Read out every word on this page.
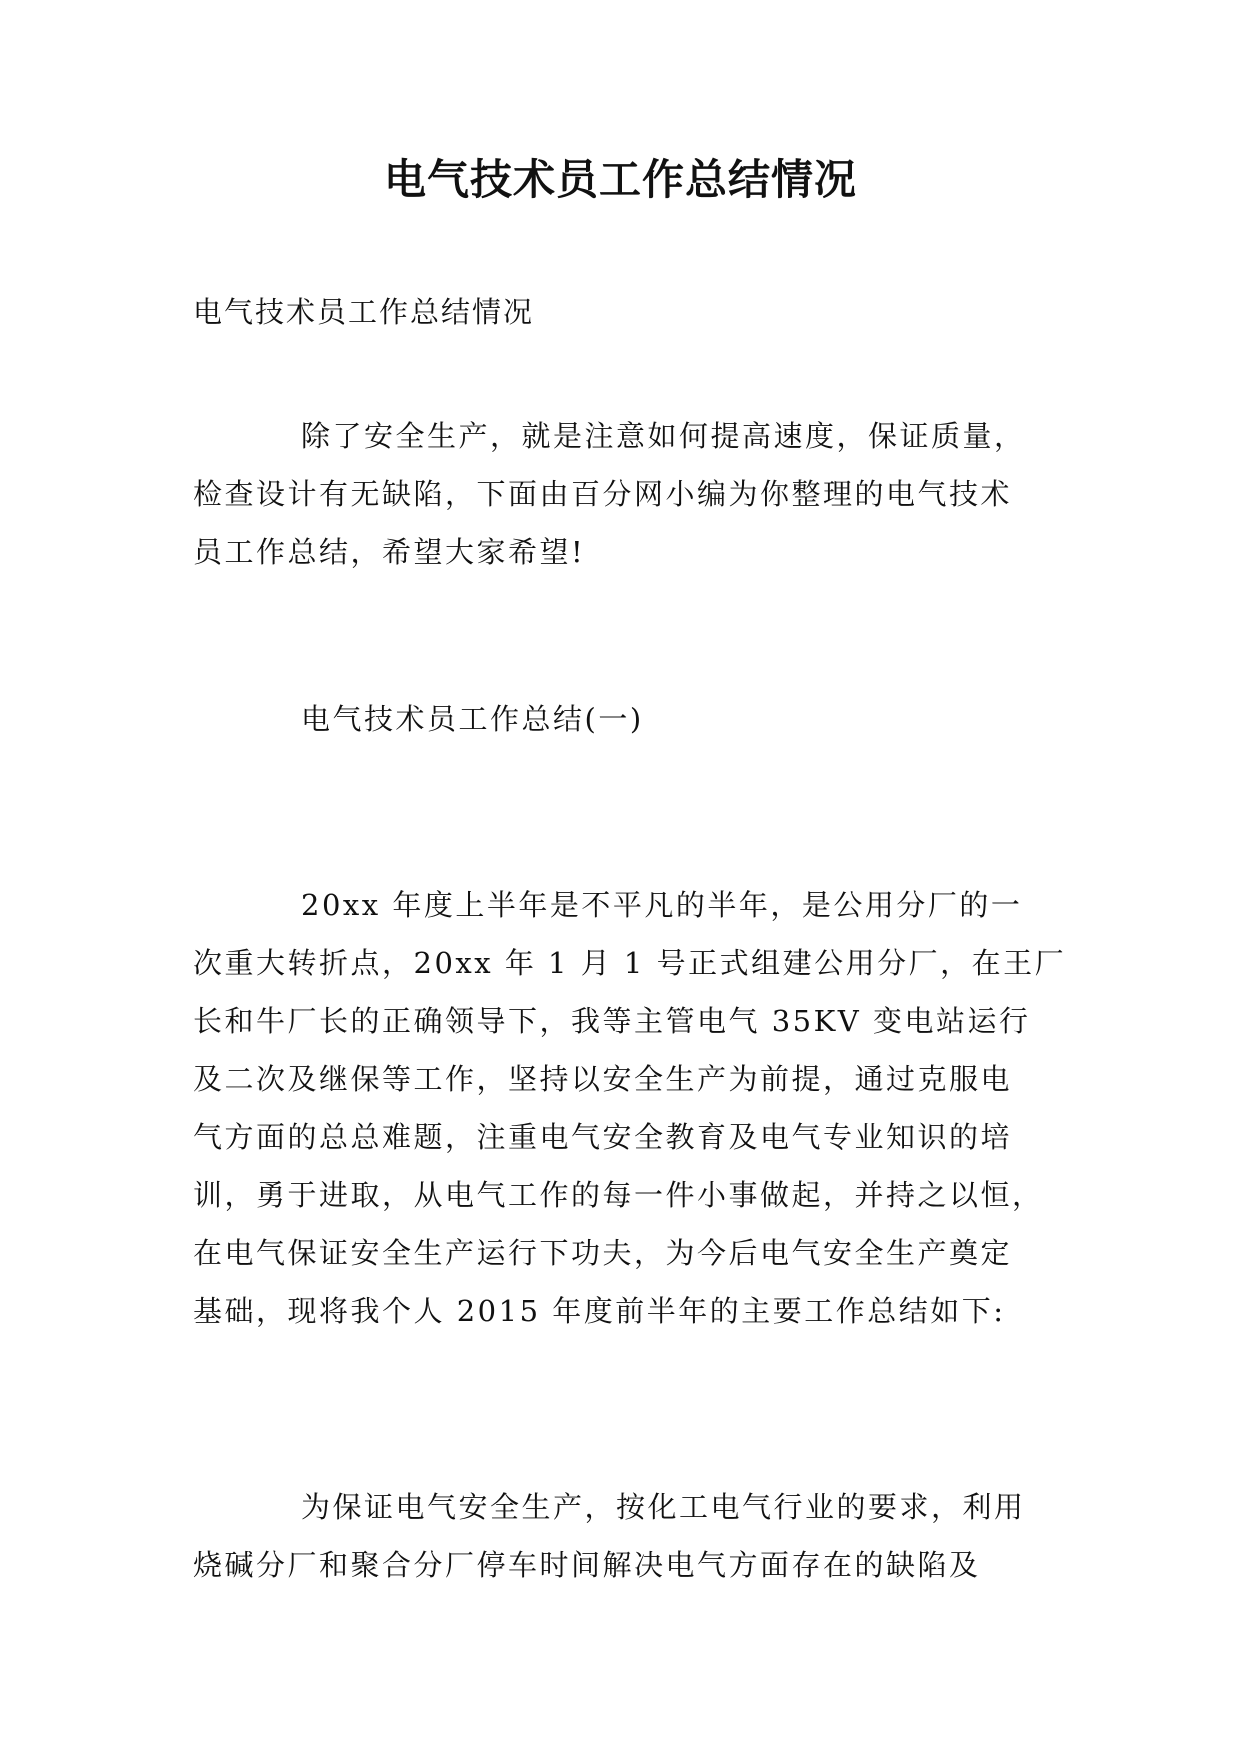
电气技术员工作总结情况

电气技术员工作总结情况

除了安全生产，就是注意如何提高速度，保证质量，
检查设计有无缺陷，下面由百分网小编为你整理的电气技术
员工作总结，希望大家希望!
电气技术员工作总结(一)
20xx 年度上半年是不平凡的半年，是公用分厂的一
次重大转折点，20xx 年 1 月 1 号正式组建公用分厂，在王厂
长和牛厂长的正确领导下，我等主管电气 35KV 变电站运行
及二次及继保等工作，坚持以安全生产为前提，通过克服电
气方面的总总难题，注重电气安全教育及电气专业知识的培
训，勇于进取，从电气工作的每一件小事做起，并持之以恒，
在电气保证安全生产运行下功夫，为今后电气安全生产奠定
基础，现将我个人 2015 年度前半年的主要工作总结如下:
为保证电气安全生产，按化工电气行业的要求，利用
烧碱分厂和聚合分厂停车时间解决电气方面存在的缺陷及
